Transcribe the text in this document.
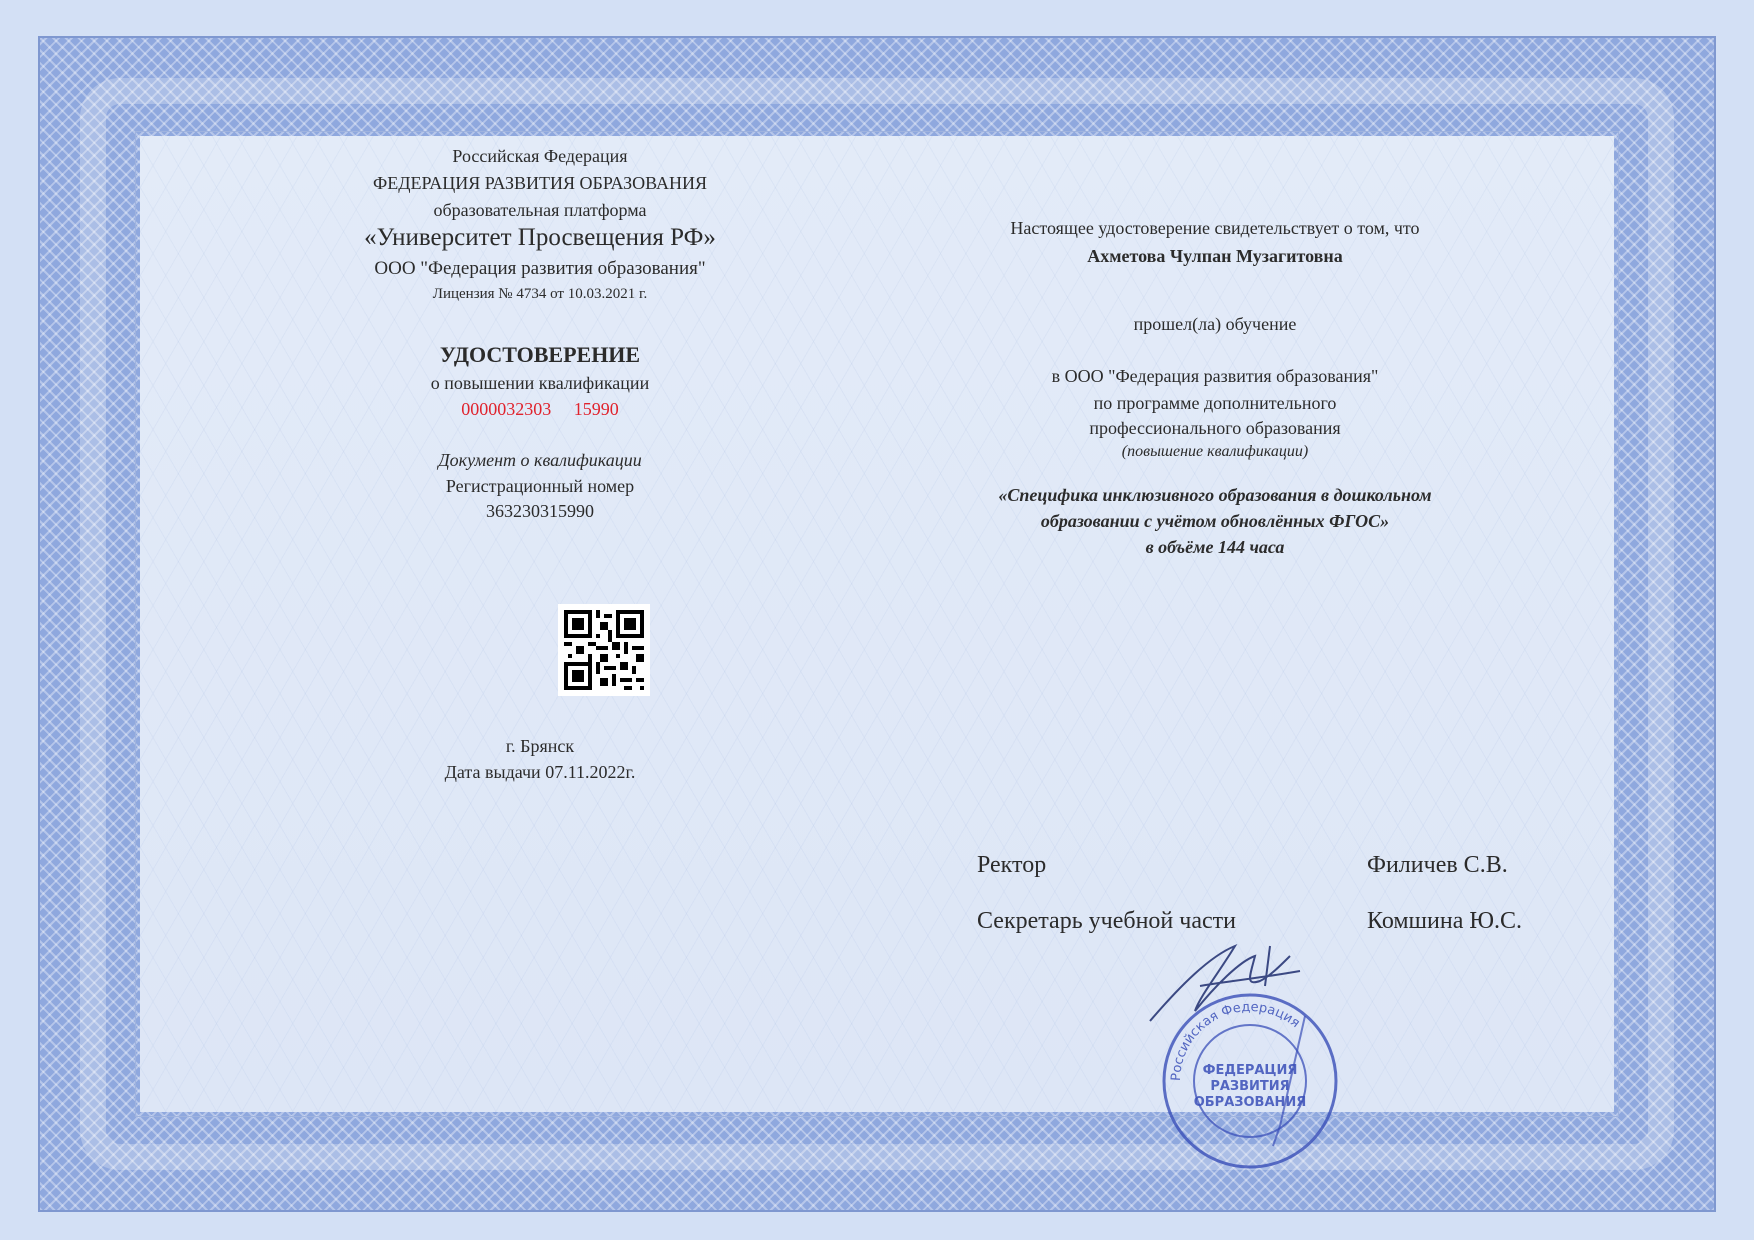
Российская Федерация
ФЕДЕРАЦИЯ РАЗВИТИЯ ОБРАЗОВАНИЯ
образовательная платформа
«Университет Просвещения РФ»
ООО "Федерация развития образования"
Лицензия № 4734 от 10.03.2021 г.
УДОСТОВЕРЕНИЕ
о повышении квалификации
0000032303 15990
Документ о квалификации
Регистрационный номер
363230315990
г. Брянск
Дата выдачи 07.11.2022г.
Настоящее удостоверение свидетельствует о том, что
Ахметова Чулпан Музагитовна
прошел(ла) обучение
в ООО "Федерация развития образования"
по программе дополнительного
профессионального образования
(повышение квалификации)
«Специфика инклюзивного образования в дошкольном
образовании с учётом обновлённых ФГОС»
в объёме 144 часа
Российская Федерация
ФЕДЕРАЦИЯ
РАЗВИТИЯ
ОБРАЗОВАНИЯ
Ректор	Филичев С.В.
Секретарь учебной части	Комшина Ю.С.
